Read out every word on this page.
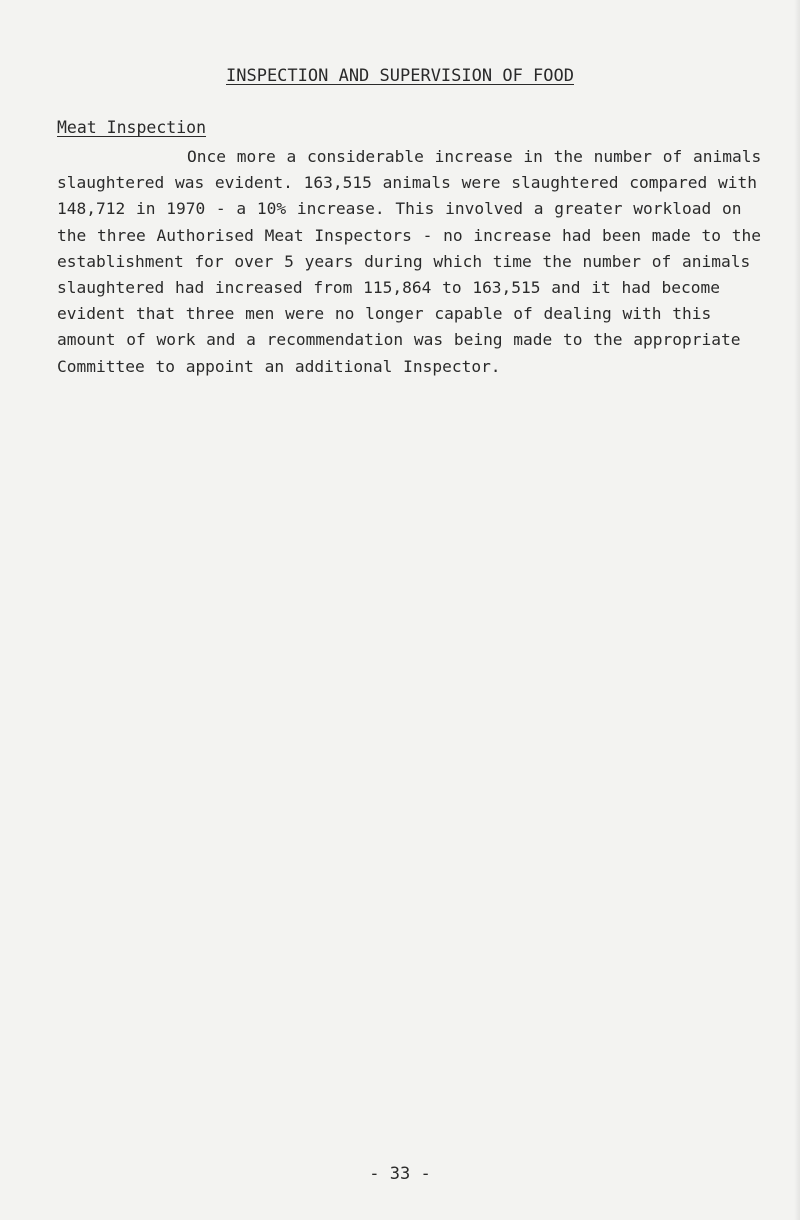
INSPECTION AND SUPERVISION OF FOOD
Meat Inspection

Once more a considerable increase in the number of animals slaughtered was evident. 163,515 animals were slaughtered compared with 148,712 in 1970 - a 10% increase. This involved a greater workload on the three Authorised Meat Inspectors - no increase had been made to the establishment for over 5 years during which time the number of animals slaughtered had increased from 115,864 to 163,515 and it had become evident that three men were no longer capable of dealing with this amount of work and a recommendation was being made to the appropriate Committee to appoint an additional Inspector.

- 33 -
